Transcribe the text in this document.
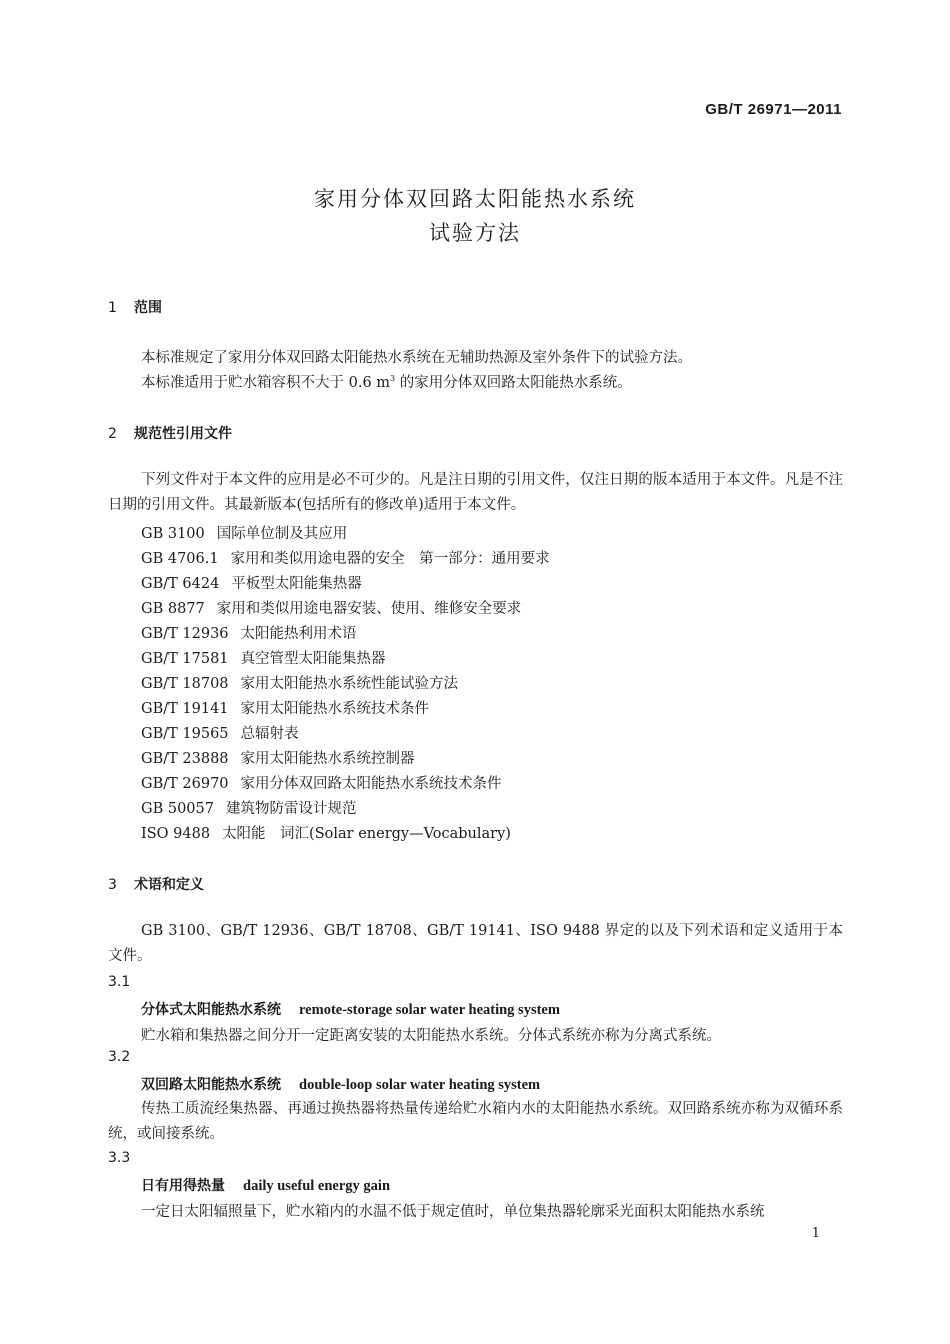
GB/T 26971—2011
家用分体双回路太阳能热水系统
试验方法
1 范围
本标准规定了家用分体双回路太阳能热水系统在无辅助热源及室外条件下的试验方法。
本标准适用于贮水箱容积不大于 0.6 $m^3$ 的家用分体双回路太阳能热水系统。
2 规范性引用文件
下列文件对于本文件的应用是必不可少的。凡是注日期的引用文件，仅注日期的版本适用于本文件。凡是不注日期的引用文件。其最新版本(包括所有的修改单)适用于本文件。
GB 3100 国际单位制及其应用
GB 4706.1 家用和类似用途电器的安全　第一部分：通用要求
GB/T 6424 平板型太阳能集热器
GB 8877 家用和类似用途电器安装、使用、维修安全要求
GB/T 12936 太阳能热利用术语
GB/T 17581 真空管型太阳能集热器
GB/T 18708 家用太阳能热水系统性能试验方法
GB/T 19141 家用太阳能热水系统技术条件
GB/T 19565 总辐射表
GB/T 23888 家用太阳能热水系统控制器
GB/T 26970 家用分体双回路太阳能热水系统技术条件
GB 50057 建筑物防雷设计规范
ISO 9488 太阳能　词汇(Solar energy—Vocabulary)
3 术语和定义
GB 3100、GB/T 12936、GB/T 18708、GB/T 19141、ISO 9488 界定的以及下列术语和定义适用于本文件。
3.1
分体式太阳能热水系统 remote-storage solar water heating system
贮水箱和集热器之间分开一定距离安装的太阳能热水系统。分体式系统亦称为分离式系统。
3.2
双回路太阳能热水系统 double-loop solar water heating system
传热工质流经集热器、再通过换热器将热量传递给贮水箱内水的太阳能热水系统。双回路系统亦称为双循环系统，或间接系统。
3.3
日有用得热量 daily useful energy gain
一定日太阳辐照量下，贮水箱内的水温不低于规定值时，单位集热器轮廓采光面积太阳能热水系统
1
